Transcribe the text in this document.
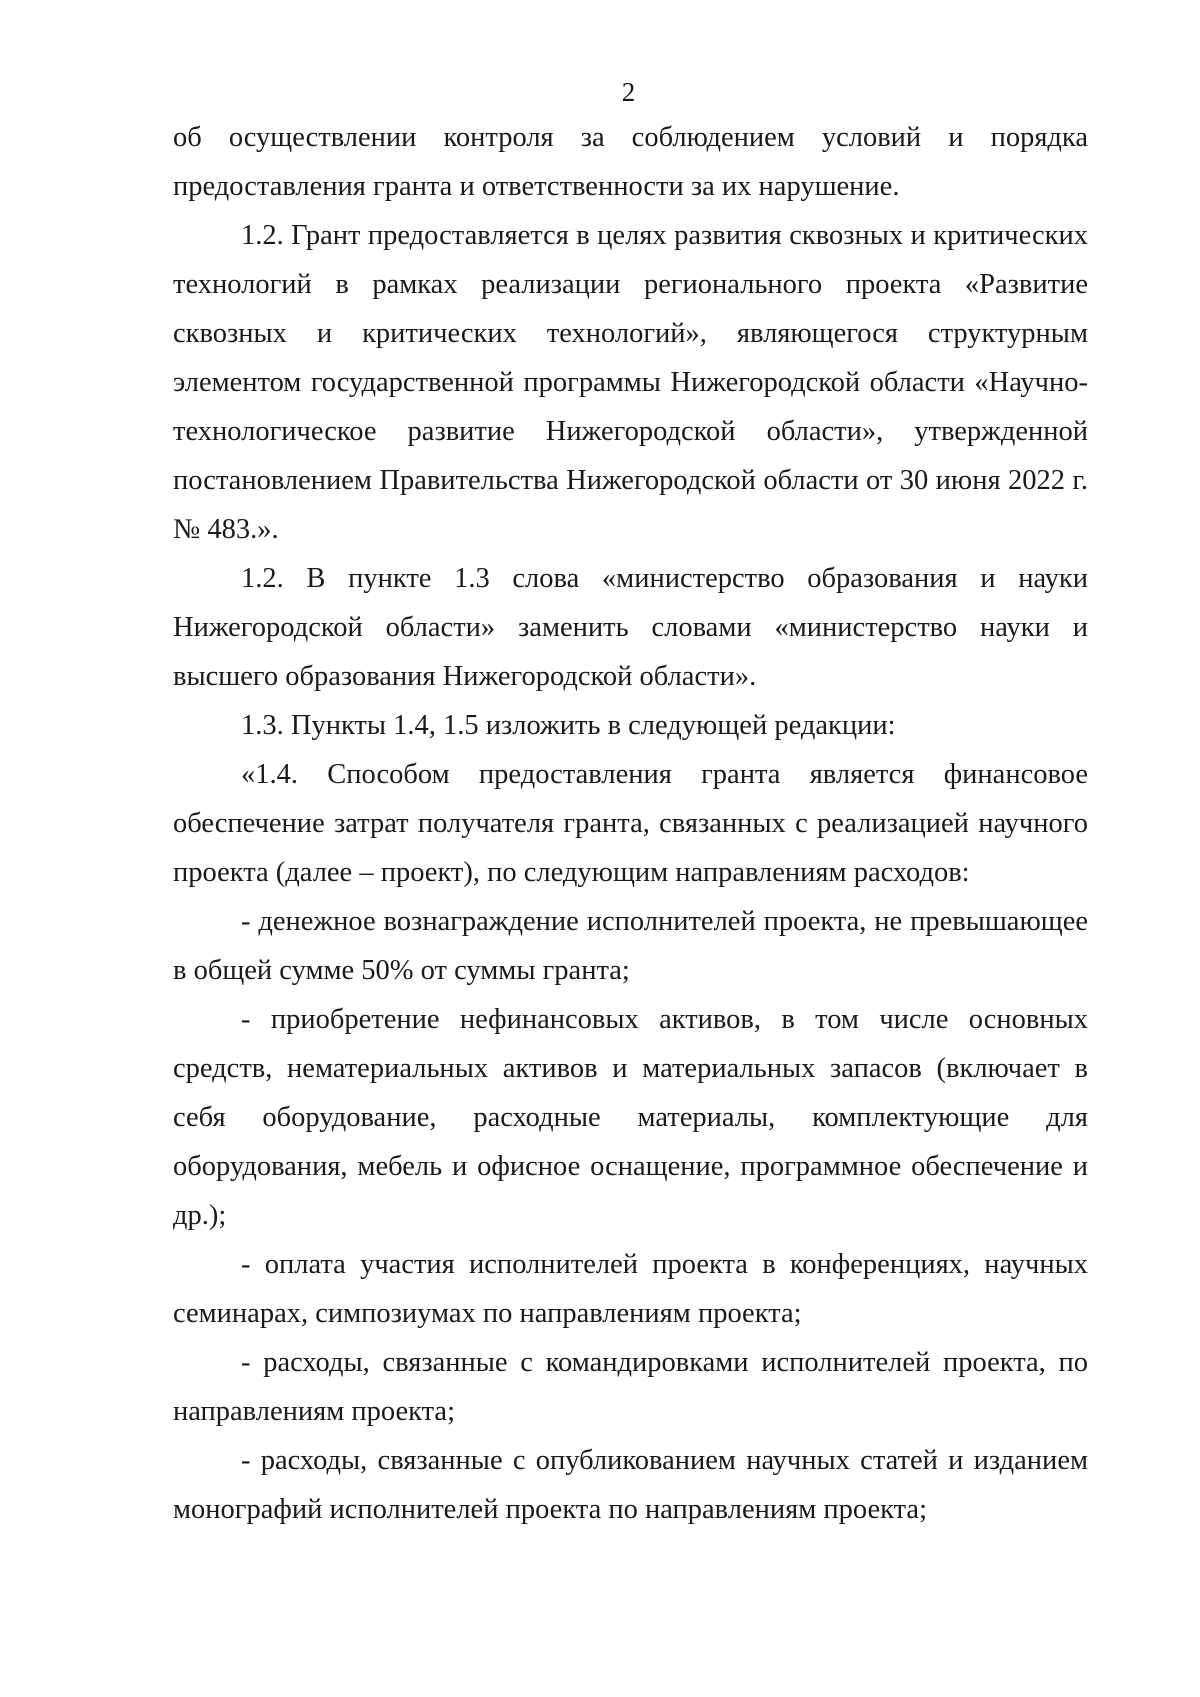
2

об осуществлении контроля за соблюдением условий и порядка предоставления гранта и ответственности за их нарушение.

1.2. Грант предоставляется в целях развития сквозных и критических технологий в рамках реализации регионального проекта «Развитие сквозных и критических технологий», являющегося структурным элементом государственной программы Нижегородской области «Научно-технологическое развитие Нижегородской области», утвержденной постановлением Правительства Нижегородской области от 30 июня 2022 г. № 483.».

1.2. В пункте 1.3 слова «министерство образования и науки Нижегородской области» заменить словами «министерство науки и высшего образования Нижегородской области».

1.3. Пункты 1.4, 1.5 изложить в следующей редакции:

«1.4. Способом предоставления гранта является финансовое обеспечение затрат получателя гранта, связанных с реализацией научного проекта (далее – проект), по следующим направлениям расходов:

- денежное вознаграждение исполнителей проекта, не превышающее в общей сумме 50% от суммы гранта;

- приобретение нефинансовых активов, в том числе основных средств, нематериальных активов и материальных запасов (включает в себя оборудование, расходные материалы, комплектующие для оборудования, мебель и офисное оснащение, программное обеспечение и др.);

- оплата участия исполнителей проекта в конференциях, научных семинарах, симпозиумах по направлениям проекта;

- расходы, связанные с командировками исполнителей проекта, по направлениям проекта;

- расходы, связанные с опубликованием научных статей и изданием монографий исполнителей проекта по направлениям проекта;
